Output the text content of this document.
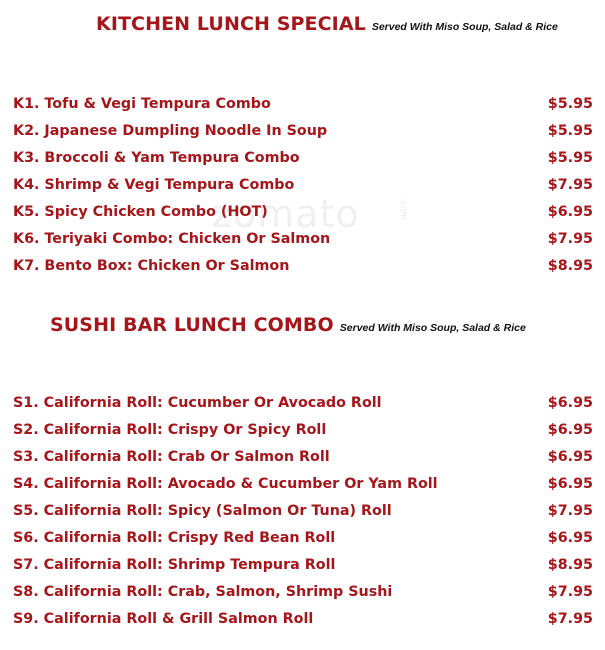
zomato	.com
KITCHEN LUNCH SPECIAL Served With Miso Soup, Salad & Rice
K1. Tofu & Vegi Tempura Combo	$5.95
K2. Japanese Dumpling Noodle In Soup	$5.95
K3. Broccoli & Yam Tempura Combo	$5.95
K4. Shrimp & Vegi Tempura Combo	$7.95
K5. Spicy Chicken Combo (HOT)	$6.95
K6. Teriyaki Combo: Chicken Or Salmon	$7.95
K7. Bento Box: Chicken Or Salmon	$8.95
SUSHI BAR LUNCH COMBO Served With Miso Soup, Salad & Rice
S1. California Roll: Cucumber Or Avocado Roll	$6.95
S2. California Roll: Crispy Or Spicy Roll	$6.95
S3. California Roll: Crab Or Salmon Roll	$6.95
S4. California Roll: Avocado & Cucumber Or Yam Roll	$6.95
S5. California Roll: Spicy (Salmon Or Tuna) Roll	$7.95
S6. California Roll: Crispy Red Bean Roll	$6.95
S7. California Roll: Shrimp Tempura Roll	$8.95
S8. California Roll: Crab, Salmon, Shrimp Sushi	$7.95
S9. California Roll & Grill Salmon Roll	$7.95
